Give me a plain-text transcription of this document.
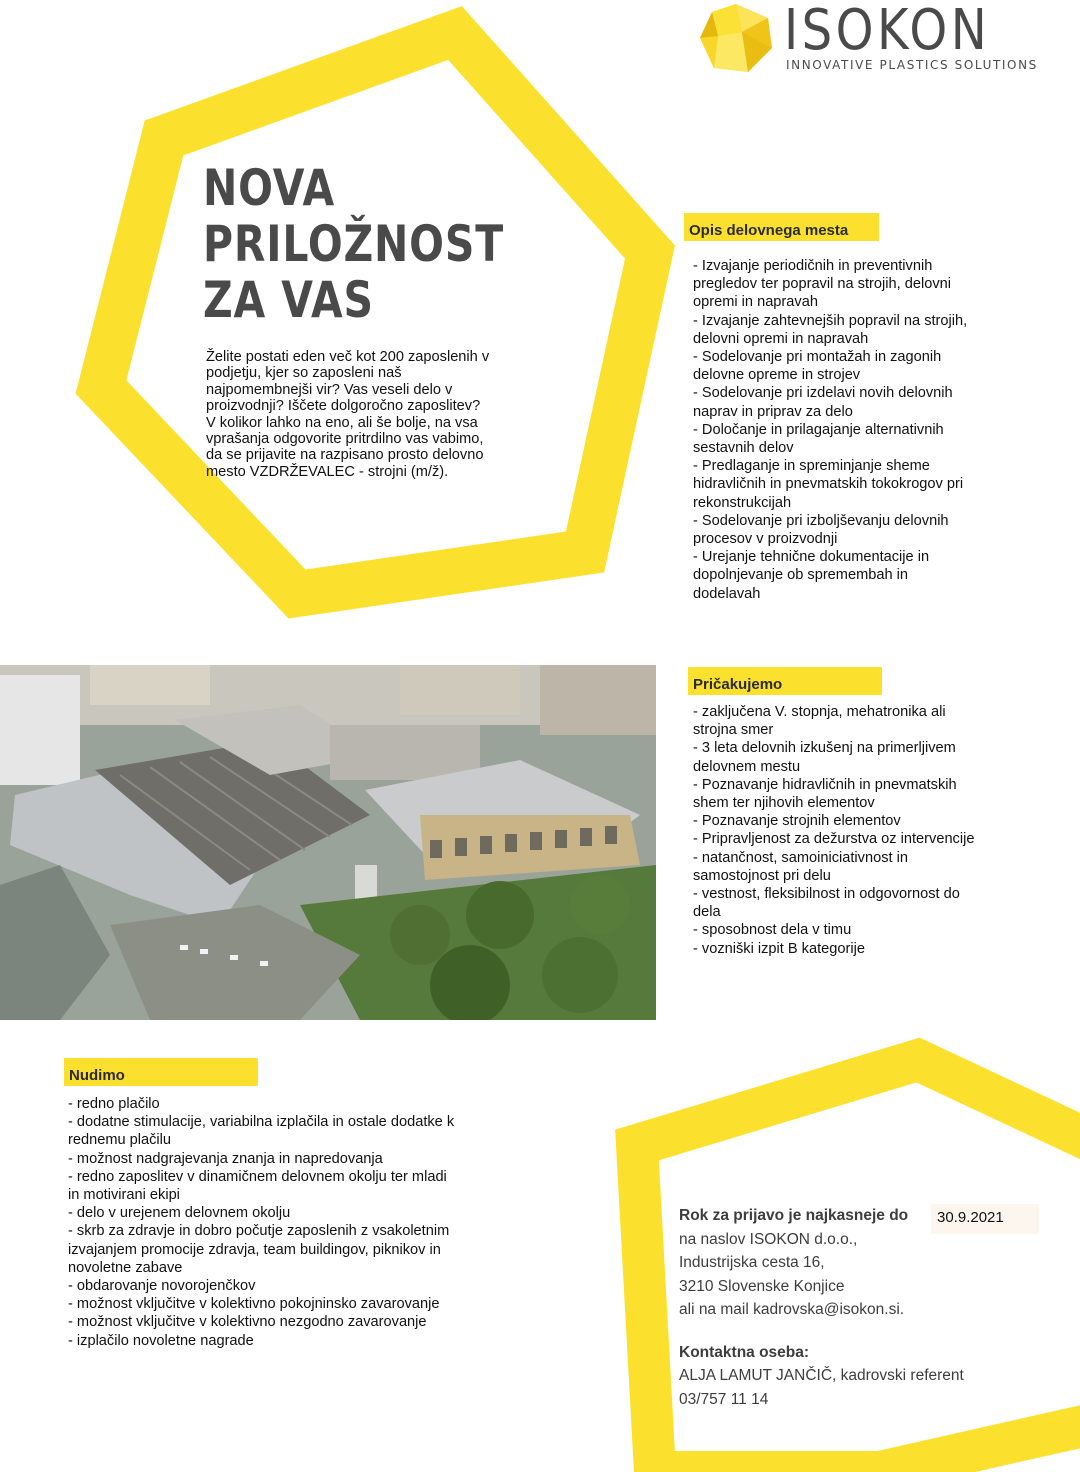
ISOKON
INNOVATIVE PLASTICS SOLUTIONS
NOVA
PRILOŽNOST
ZA VAS
Želite postati eden več kot 200 zaposlenih v
podjetju, kjer so zaposleni naš
najpomembnejši vir? Vas veseli delo v
proizvodnji? Iščete dolgoročno zaposlitev?
V kolikor lahko na eno, ali še bolje, na vsa
vprašanja odgovorite pritrdilno vas vabimo,
da se prijavite na razpisano prosto delovno
mesto VZDRŽEVALEC - strojni (m/ž).
Opis delovnega mesta
- Izvajanje periodičnih in preventivnih
pregledov ter popravil na strojih, delovni
opremi in napravah
- Izvajanje zahtevnejših popravil na strojih,
delovni opremi in napravah
- Sodelovanje pri montažah in zagonih
delovne opreme in strojev
- Sodelovanje pri izdelavi novih delovnih
naprav in priprav za delo
- Določanje in prilagajanje alternativnih
sestavnih delov
- Predlaganje in spreminjanje sheme
hidravličnih in pnevmatskih tokokrogov pri
rekonstrukcijah
- Sodelovanje pri izboljševanju delovnih
procesov v proizvodnji
- Urejanje tehnične dokumentacije in
dopolnjevanje ob spremembah in
dodelavah
Pričakujemo
- zaključena V. stopnja, mehatronika ali
strojna smer
- 3 leta delovnih izkušenj na primerljivem
delovnem mestu
- Poznavanje hidravličnih in pnevmatskih
shem ter njihovih elementov
- Poznavanje strojnih elementov
- Pripravljenost za dežurstva oz intervencije
- natančnost, samoiniciativnost in
samostojnost pri delu
- vestnost, fleksibilnost in odgovornost do
dela
- sposobnost dela v timu
- vozniški izpit B kategorije
Nudimo
- redno plačilo
- dodatne stimulacije, variabilna izplačila in ostale dodatke k
rednemu plačilu
- možnost nadgrajevanja znanja in napredovanja
- redno zaposlitev v dinamičnem delovnem okolju ter mladi
in motivirani ekipi
- delo v urejenem delovnem okolju
- skrb za zdravje in dobro počutje zaposlenih z vsakoletnim
izvajanjem promocije zdravja, team buildingov, piknikov in
novoletne zabave
- obdarovanje novorojenčkov
- možnost vključitve v kolektivno pokojninsko zavarovanje
- možnost vključitve v kolektivno nezgodno zavarovanje
- izplačilo novoletne nagrade
30.9.2021
Rok za prijavo je najkasneje do
na naslov ISOKON d.o.o.,
Industrijska cesta 16,
3210 Slovenske Konjice
ali na mail kadrovska@isokon.si.
Kontaktna oseba:
ALJA LAMUT JANČIČ, kadrovski referent
03/757 11 14
